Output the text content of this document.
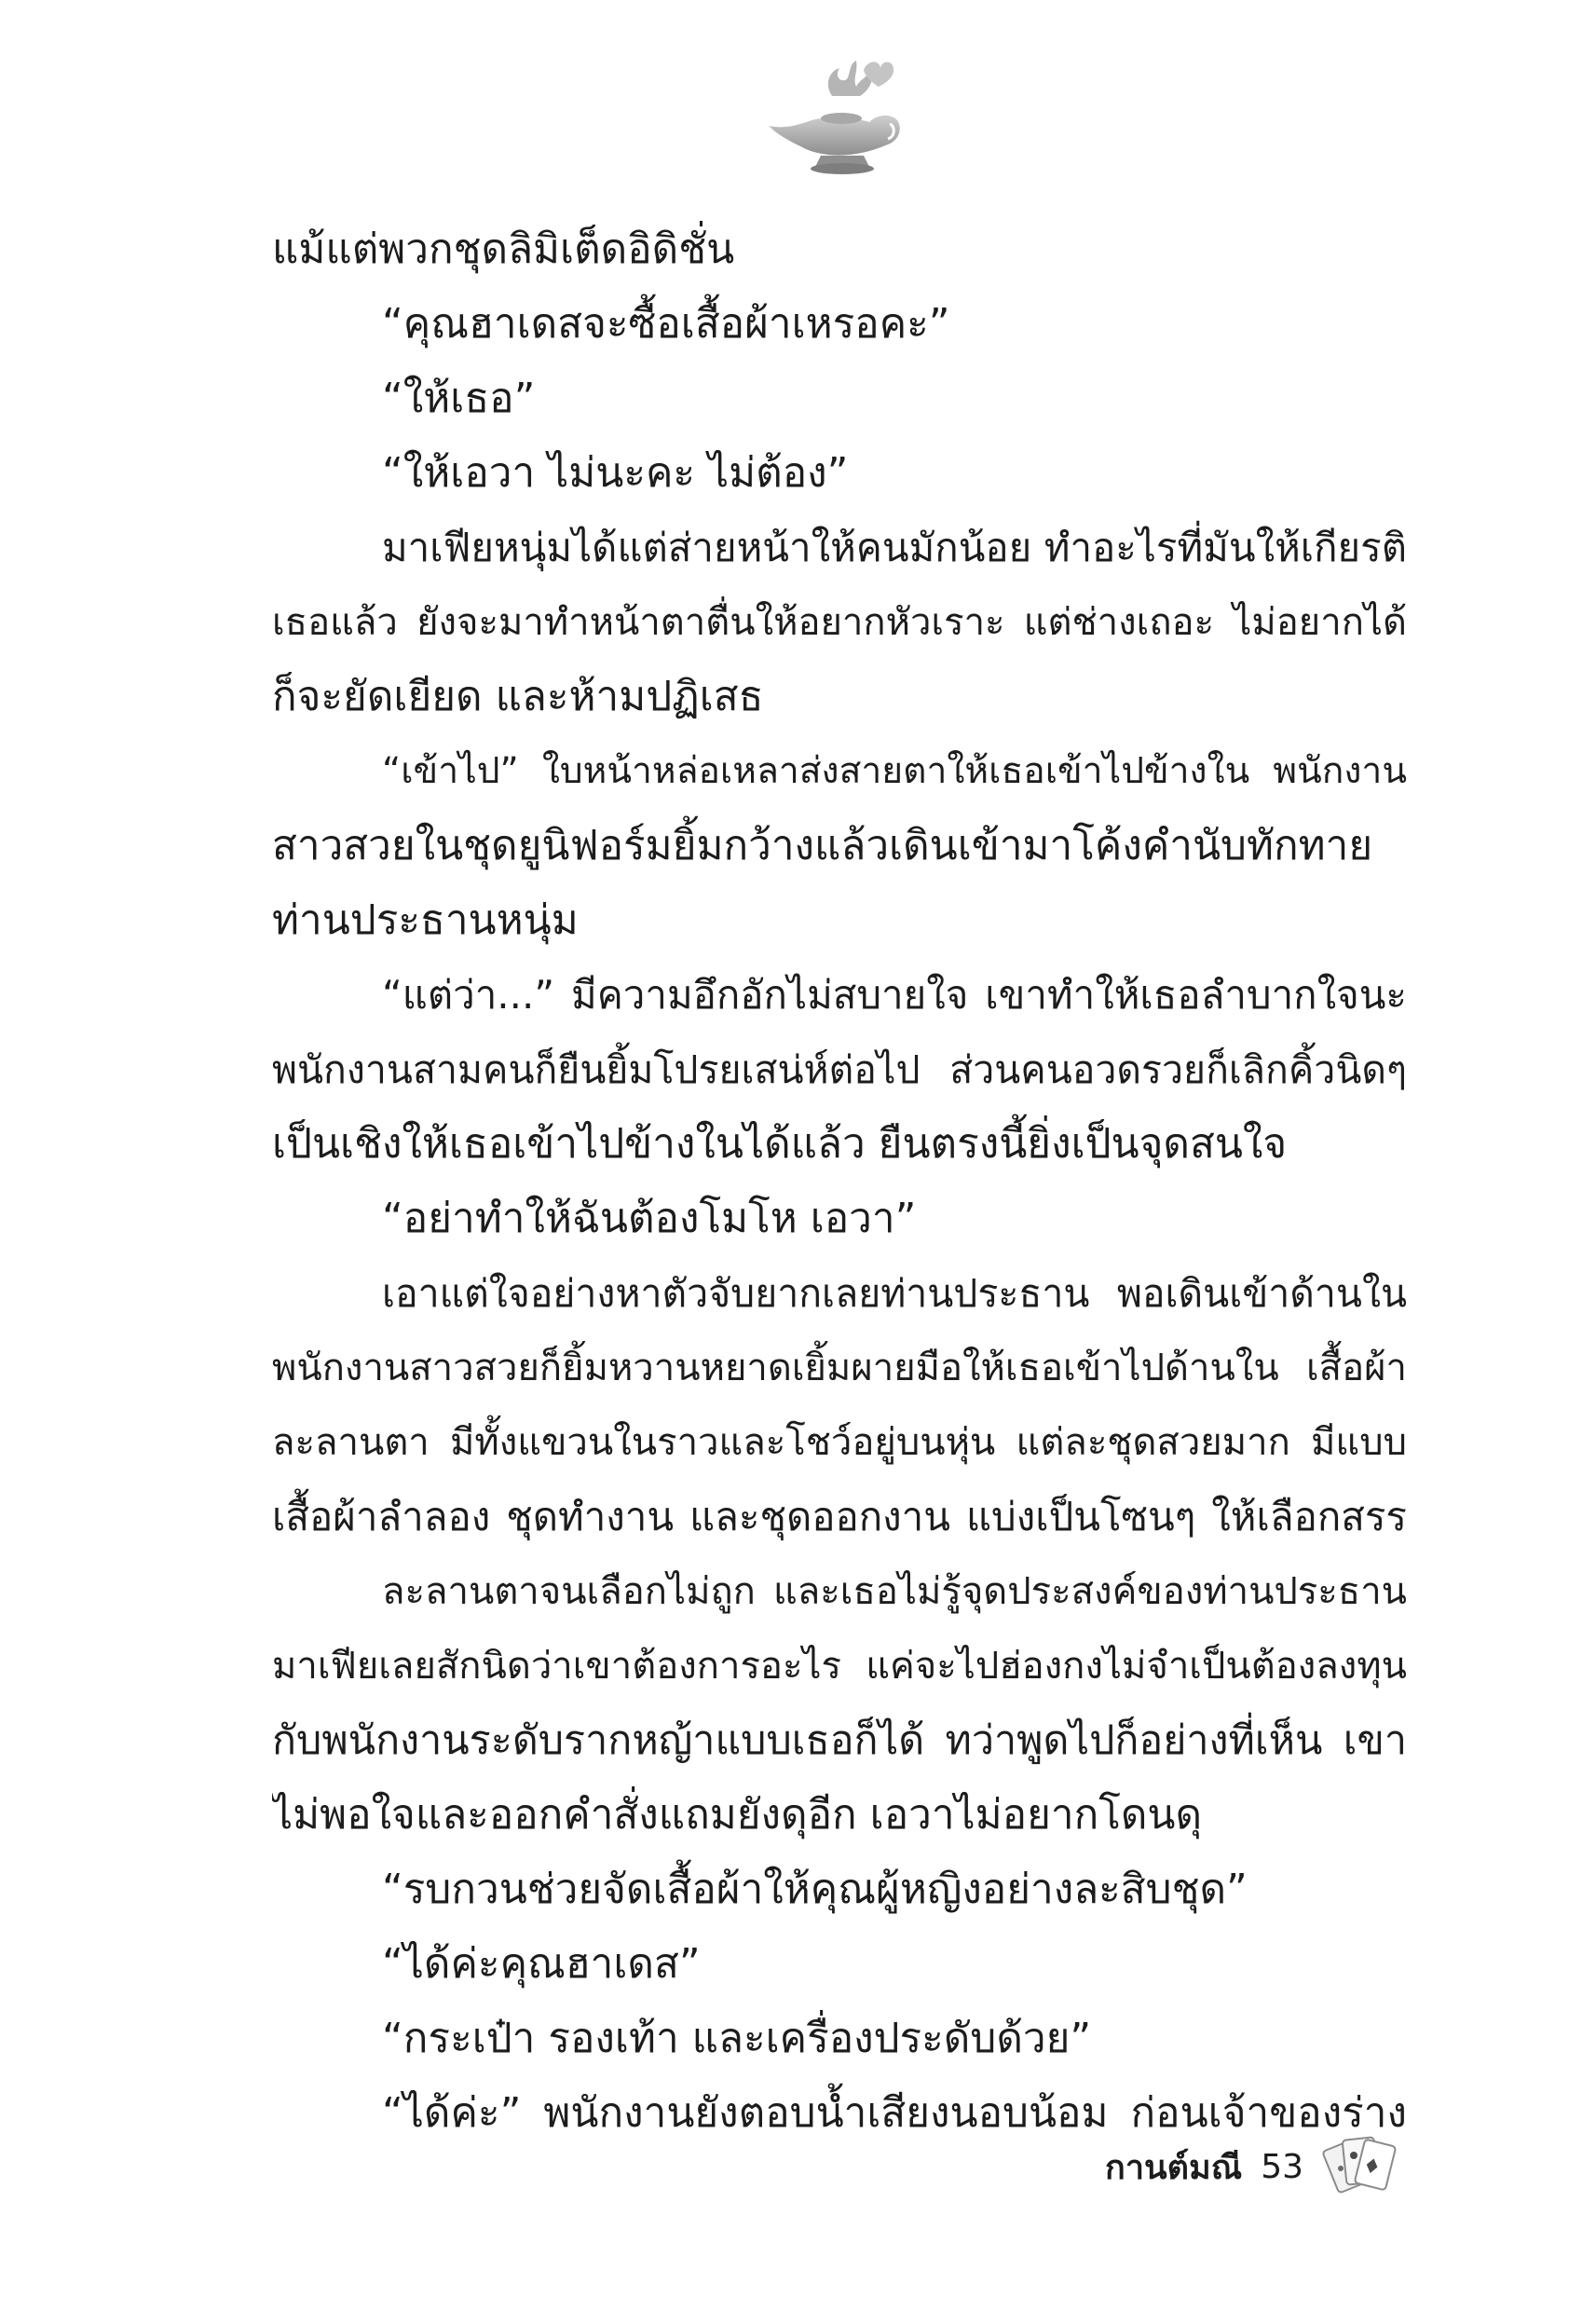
แม้แต่พวกชุดลิมิเต็ดอิดิชั่น
“คุณฮาเดสจะซื้อเสื้อผ้าเหรอคะ”
“ให้เธอ”
“ให้เอวา ไม่นะคะ ไม่ต้อง”
มาเฟียหนุ่มได้แต่ส่ายหน้าให้คนมักน้อย ทำอะไรที่มันให้เกียรติ
เธอแล้ว ยังจะมาทำหน้าตาตื่นให้อยากหัวเราะ แต่ช่างเถอะ ไม่อยากได้
ก็จะยัดเยียด และห้ามปฏิเสธ
“เข้าไป” ใบหน้าหล่อเหลาส่งสายตาให้เธอเข้าไปข้างใน พนักงาน
สาวสวยในชุดยูนิฟอร์มยิ้มกว้างแล้วเดินเข้ามาโค้งคำนับทักทาย
ท่านประธานหนุ่ม
“แต่ว่า...” มีความอึกอักไม่สบายใจ เขาทำให้เธอลำบากใจนะ
พนักงานสามคนก็ยืนยิ้มโปรยเสน่ห์ต่อไป ส่วนคนอวดรวยก็เลิกคิ้วนิดๆ
เป็นเชิงให้เธอเข้าไปข้างในได้แล้ว ยืนตรงนี้ยิ่งเป็นจุดสนใจ
“อย่าทำให้ฉันต้องโมโห เอวา”
เอาแต่ใจอย่างหาตัวจับยากเลยท่านประธาน พอเดินเข้าด้านใน
พนักงานสาวสวยก็ยิ้มหวานหยาดเยิ้มผายมือให้เธอเข้าไปด้านใน เสื้อผ้า
ละลานตา มีทั้งแขวนในราวและโชว์อยู่บนหุ่น แต่ละชุดสวยมาก มีแบบ
เสื้อผ้าลำลอง ชุดทำงาน และชุดออกงาน แบ่งเป็นโซนๆ ให้เลือกสรร
ละลานตาจนเลือกไม่ถูก และเธอไม่รู้จุดประสงค์ของท่านประธาน
มาเฟียเลยสักนิดว่าเขาต้องการอะไร แค่จะไปฮ่องกงไม่จำเป็นต้องลงทุน
กับพนักงานระดับรากหญ้าแบบเธอก็ได้ ทว่าพูดไปก็อย่างที่เห็น เขา
ไม่พอใจและออกคำสั่งแถมยังดุอีก เอวาไม่อยากโดนดุ
“รบกวนช่วยจัดเสื้อผ้าให้คุณผู้หญิงอย่างละสิบชุด”
“ได้ค่ะคุณฮาเดส”
“กระเป๋า รองเท้า และเครื่องประดับด้วย”
“ได้ค่ะ” พนักงานยังตอบน้ำเสียงนอบน้อม ก่อนเจ้าของร่าง
กานต์มณี 53
